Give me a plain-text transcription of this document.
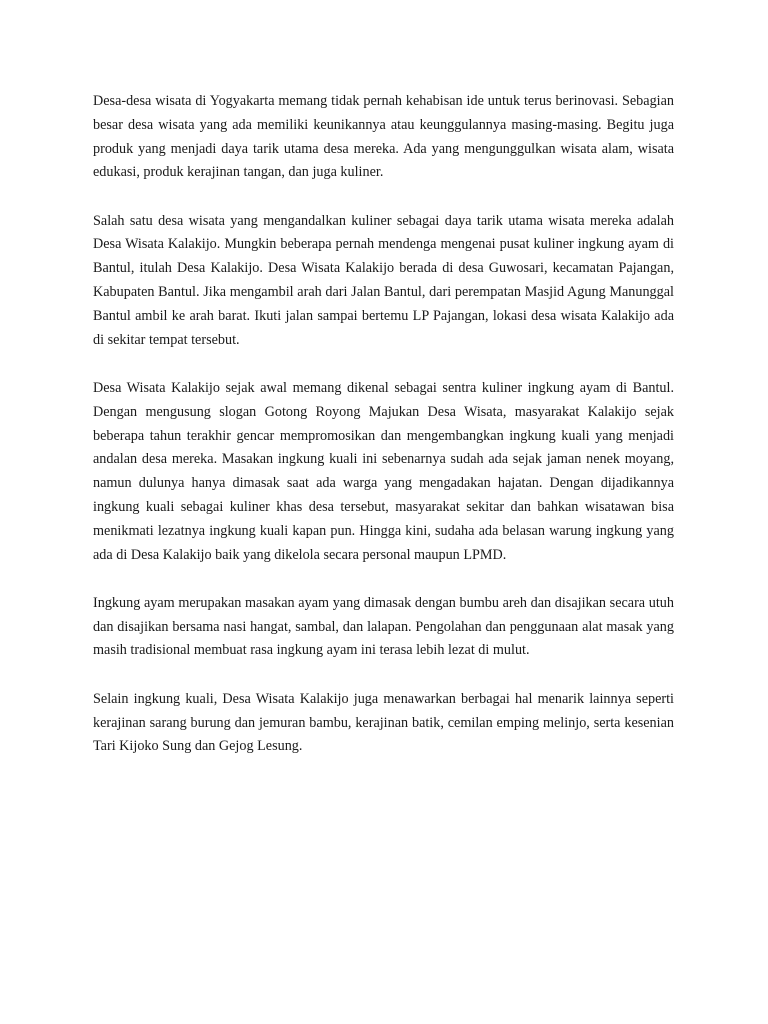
Desa-desa wisata di Yogyakarta memang tidak pernah kehabisan ide untuk terus berinovasi. Sebagian besar desa wisata yang ada memiliki keunikannya atau keunggulannya masing-masing. Begitu juga produk yang menjadi daya tarik utama desa mereka. Ada yang mengunggulkan wisata alam, wisata edukasi, produk kerajinan tangan, dan juga kuliner.

Salah satu desa wisata yang mengandalkan kuliner sebagai daya tarik utama wisata mereka adalah Desa Wisata Kalakijo. Mungkin beberapa pernah mendenga mengenai pusat kuliner ingkung ayam di Bantul, itulah Desa Kalakijo. Desa Wisata Kalakijo berada di desa Guwosari, kecamatan Pajangan, Kabupaten Bantul. Jika mengambil arah dari Jalan Bantul, dari perempatan Masjid Agung Manunggal Bantul ambil ke arah barat. Ikuti jalan sampai bertemu LP Pajangan, lokasi desa wisata Kalakijo ada di sekitar tempat tersebut.

Desa Wisata Kalakijo sejak awal memang dikenal sebagai sentra kuliner ingkung ayam di Bantul. Dengan mengusung slogan Gotong Royong Majukan Desa Wisata, masyarakat Kalakijo sejak beberapa tahun terakhir gencar mempromosikan dan mengembangkan ingkung kuali yang menjadi andalan desa mereka. Masakan ingkung kuali ini sebenarnya sudah ada sejak jaman nenek moyang, namun dulunya hanya dimasak saat ada warga yang mengadakan hajatan. Dengan dijadikannya ingkung kuali sebagai kuliner khas desa tersebut, masyarakat sekitar dan bahkan wisatawan bisa menikmati lezatnya ingkung kuali kapan pun. Hingga kini, sudaha ada belasan warung ingkung yang ada di Desa Kalakijo baik yang dikelola secara personal maupun LPMD.

Ingkung ayam merupakan masakan ayam yang dimasak dengan bumbu areh dan disajikan secara utuh dan disajikan bersama nasi hangat, sambal, dan lalapan. Pengolahan dan penggunaan alat masak yang masih tradisional membuat rasa ingkung ayam ini terasa lebih lezat di mulut.

Selain ingkung kuali, Desa Wisata Kalakijo juga menawarkan berbagai hal menarik lainnya seperti kerajinan sarang burung dan jemuran bambu, kerajinan batik, cemilan emping melinjo, serta kesenian Tari Kijoko Sung dan Gejog Lesung.
